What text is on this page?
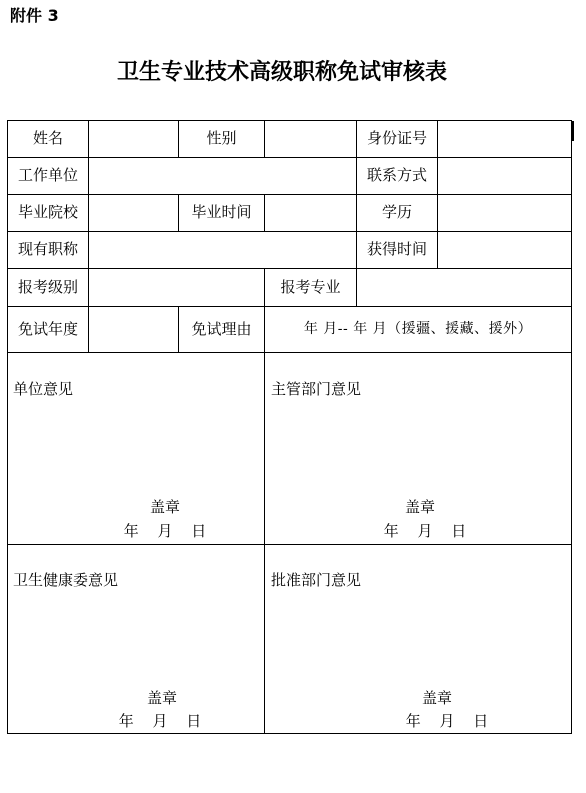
附件 3
卫生专业技术高级职称免试审核表
姓名	性别	身份证号
工作单位	联系方式
毕业院校	毕业时间	学历
现有职称	获得时间
报考级别	报考专业
免试年度	免试理由	年 月-- 年 月（援疆、援藏、援外）
单位意见
盖章
年 月 日
主管部门意见
盖章
年 月 日
卫生健康委意见
盖章
年 月 日
批准部门意见
盖章
年 月 日
